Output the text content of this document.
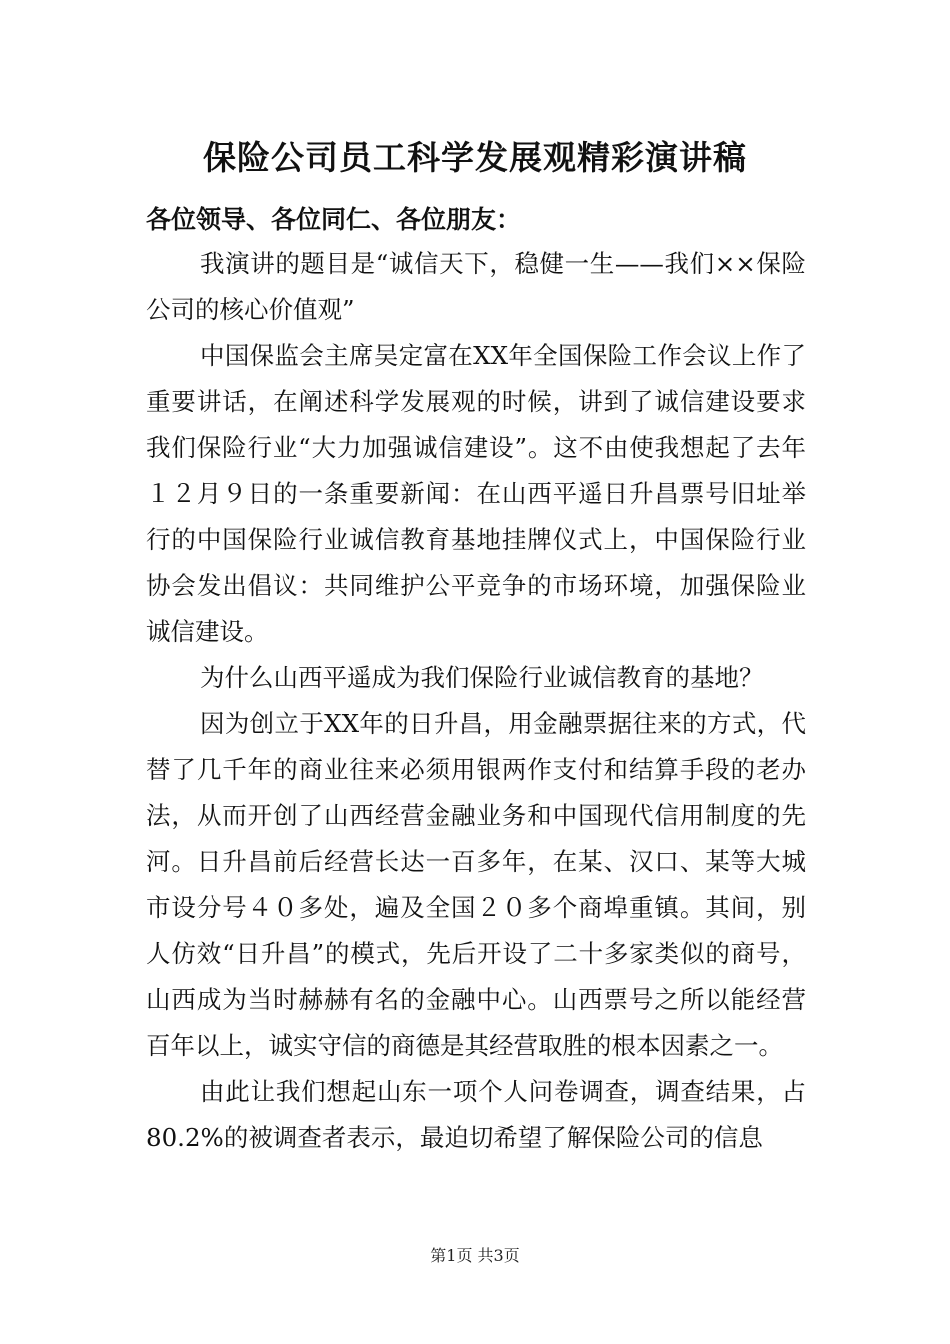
保险公司员工科学发展观精彩演讲稿
各位领导、各位同仁、各位朋友：

我演讲的题目是“诚信天下，稳健一生——我们××保险公司的核心价值观”

中国保监会主席吴定富在XX年全国保险工作会议上作了重要讲话，在阐述科学发展观的时候，讲到了诚信建设要求我们保险行业“大力加强诚信建设”。这不由使我想起了去年１２月９日的一条重要新闻：在山西平遥日升昌票号旧址举行的中国保险行业诚信教育基地挂牌仪式上，中国保险行业协会发出倡议：共同维护公平竞争的市场环境，加强保险业诚信建设。

为什么山西平遥成为我们保险行业诚信教育的基地？

因为创立于XX年的日升昌，用金融票据往来的方式，代替了几千年的商业往来必须用银两作支付和结算手段的老办法，从而开创了山西经营金融业务和中国现代信用制度的先河。日升昌前后经营长达一百多年，在某、汉口、某等大城市设分号４０多处，遍及全国２０多个商埠重镇。其间，别人仿效“日升昌”的模式，先后开设了二十多家类似的商号，山西成为当时赫赫有名的金融中心。山西票号之所以能经营百年以上，诚实守信的商德是其经营取胜的根本因素之一。

由此让我们想起山东一项个人问卷调查，调查结果，占80.2%的被调查者表示，最迫切希望了解保险公司的信息

第1页 共3页
